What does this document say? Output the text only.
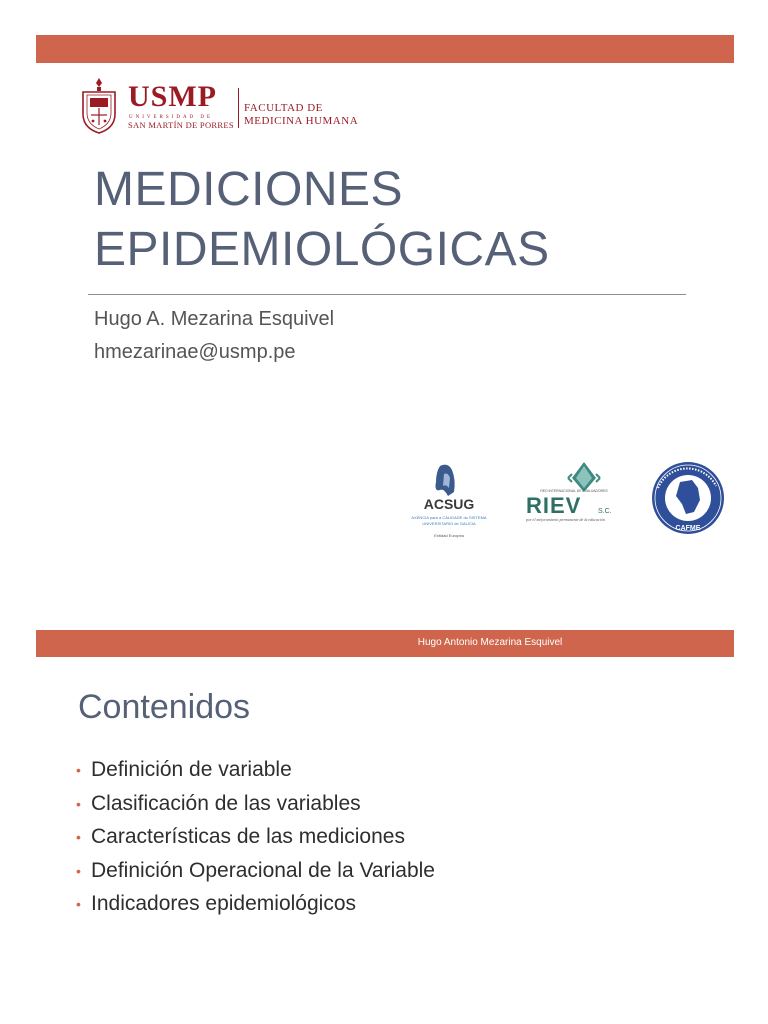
USMP
UNIVERSIDAD DE
SAN MARTÍN DE PORRES
FACULTAD DE
MEDICINA HUMANA
MEDICIONES
EPIDEMIOLÓGICAS
Hugo A. Mezarina Esquivel
hmezarinae@usmp.pe
ACSUG
AXENCIA para a CALIDADE do SISTEMA
UNIVERSITARIO de GALICIA
Entidad Europea
RED INTERNACIONAL DE EVALUADORES
RIEV S.C.
por el mejoramiento permanente de la educación
CAFME
Hugo Antonio Mezarina Esquivel
Contenidos
• Definición de variable
• Clasificación de las variables
• Características de las mediciones
• Definición Operacional de la Variable
• Indicadores epidemiológicos
